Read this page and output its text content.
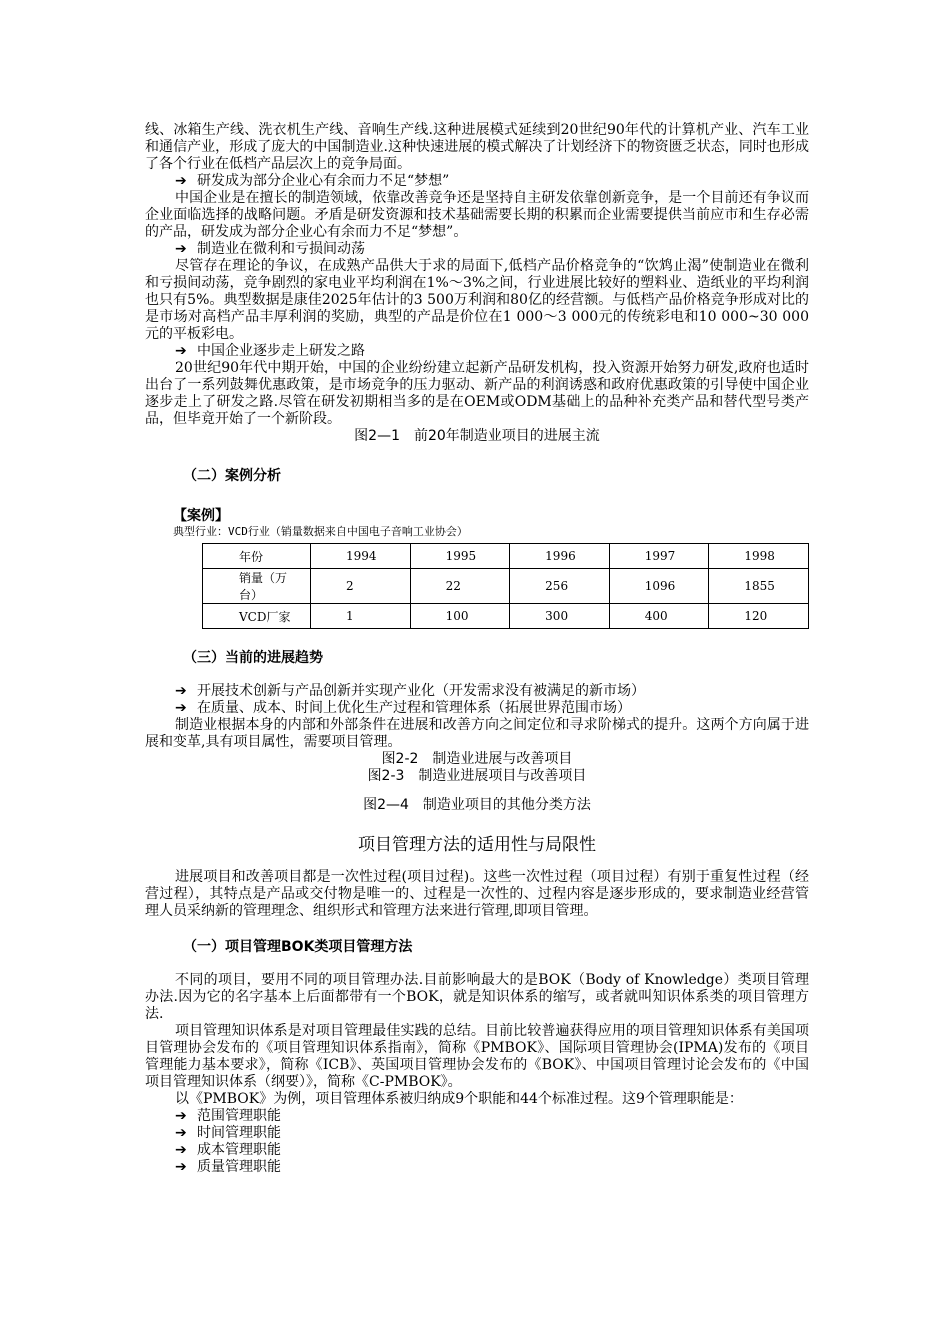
线、冰箱生产线、洗衣机生产线、音响生产线.这种进展模式延续到20世纪90年代的计算机产业、汽车工业和通信产业，形成了庞大的中国制造业.这种快速进展的模式解决了计划经济下的物资匮乏状态，同时也形成了各个行业在低档产品层次上的竞争局面。

➔ 研发成为部分企业心有余而力不足“梦想”

中国企业是在擅长的制造领域，依靠改善竞争还是坚持自主研发依靠创新竞争，是一个目前还有争议而企业面临选择的战略问题。矛盾是研发资源和技术基础需要长期的积累而企业需要提供当前应市和生存必需的产品，研发成为部分企业心有余而力不足“梦想”。

➔ 制造业在微利和亏损间动荡

尽管存在理论的争议，在成熟产品供大于求的局面下,低档产品价格竞争的“饮鸩止渴”使制造业在微利和亏损间动荡，竞争剧烈的家电业平均利润在1%～3%之间，行业进展比较好的塑料业、造纸业的平均利润也只有5%。典型数据是康佳2025年估计的3 500万利润和80亿的经营额。与低档产品价格竞争形成对比的是市场对高档产品丰厚利润的奖励，典型的产品是价位在1 000～3 000元的传统彩电和10 000~30 000元的平板彩电。

➔ 中国企业逐步走上研发之路

20世纪90年代中期开始，中国的企业纷纷建立起新产品研发机构，投入资源开始努力研发,政府也适时出台了一系列鼓舞优惠政策，是市场竞争的压力驱动、新产品的利润诱惑和政府优惠政策的引导使中国企业逐步走上了研发之路.尽管在研发初期相当多的是在OEM或ODM基础上的品种补充类产品和替代型号类产品，但毕竟开始了一个新阶段。

图2—1　前20年制造业项目的进展主流
（二）案例分析
【案例】
典型行业：VCD行业（销量数据来自中国电子音响工业协会）
年份	1994	1995	1996	1997	1998
销量（万台）	2	22	256	1096	1855
VCD厂家	1	100	300	400	120
（三）当前的进展趋势
➔ 开展技术创新与产品创新并实现产业化（开发需求没有被满足的新市场）
➔ 在质量、成本、时间上优化生产过程和管理体系（拓展世界范围市场）

制造业根据本身的内部和外部条件在进展和改善方向之间定位和寻求阶梯式的提升。这两个方向属于进展和变革,具有项目属性，需要项目管理。

图2-2　制造业进展与改善项目
图2-3　制造业进展项目与改善项目
图2—4　制造业项目的其他分类方法
项目管理方法的适用性与局限性

进展项目和改善项目都是一次性过程(项目过程)。这些一次性过程（项目过程）有别于重复性过程（经营过程），其特点是产品或交付物是唯一的、过程是一次性的、过程内容是逐步形成的，要求制造业经营管理人员采纳新的管理理念、组织形式和管理方法来进行管理,即项目管理。

（一）项目管理BOK类项目管理方法

不同的项目，要用不同的项目管理办法.目前影响最大的是BOK（Body of Knowledge）类项目管理办法.因为它的名字基本上后面都带有一个BOK，就是知识体系的缩写，或者就叫知识体系类的项目管理方法.

项目管理知识体系是对项目管理最佳实践的总结。目前比较普遍获得应用的项目管理知识体系有美国项目管理协会发布的《项目管理知识体系指南》，简称《PMBOK》、国际项目管理协会(IPMA)发布的《项目管理能力基本要求》，简称《ICB》、英国项目管理协会发布的《BOK》、中国项目管理讨论会发布的《中国项目管理知识体系（纲要）》，简称《C-PMBOK》。

以《PMBOK》为例，项目管理体系被归纳成9个职能和44个标准过程。这9个管理职能是：

➔ 范围管理职能
➔ 时间管理职能
➔ 成本管理职能
➔ 质量管理职能
